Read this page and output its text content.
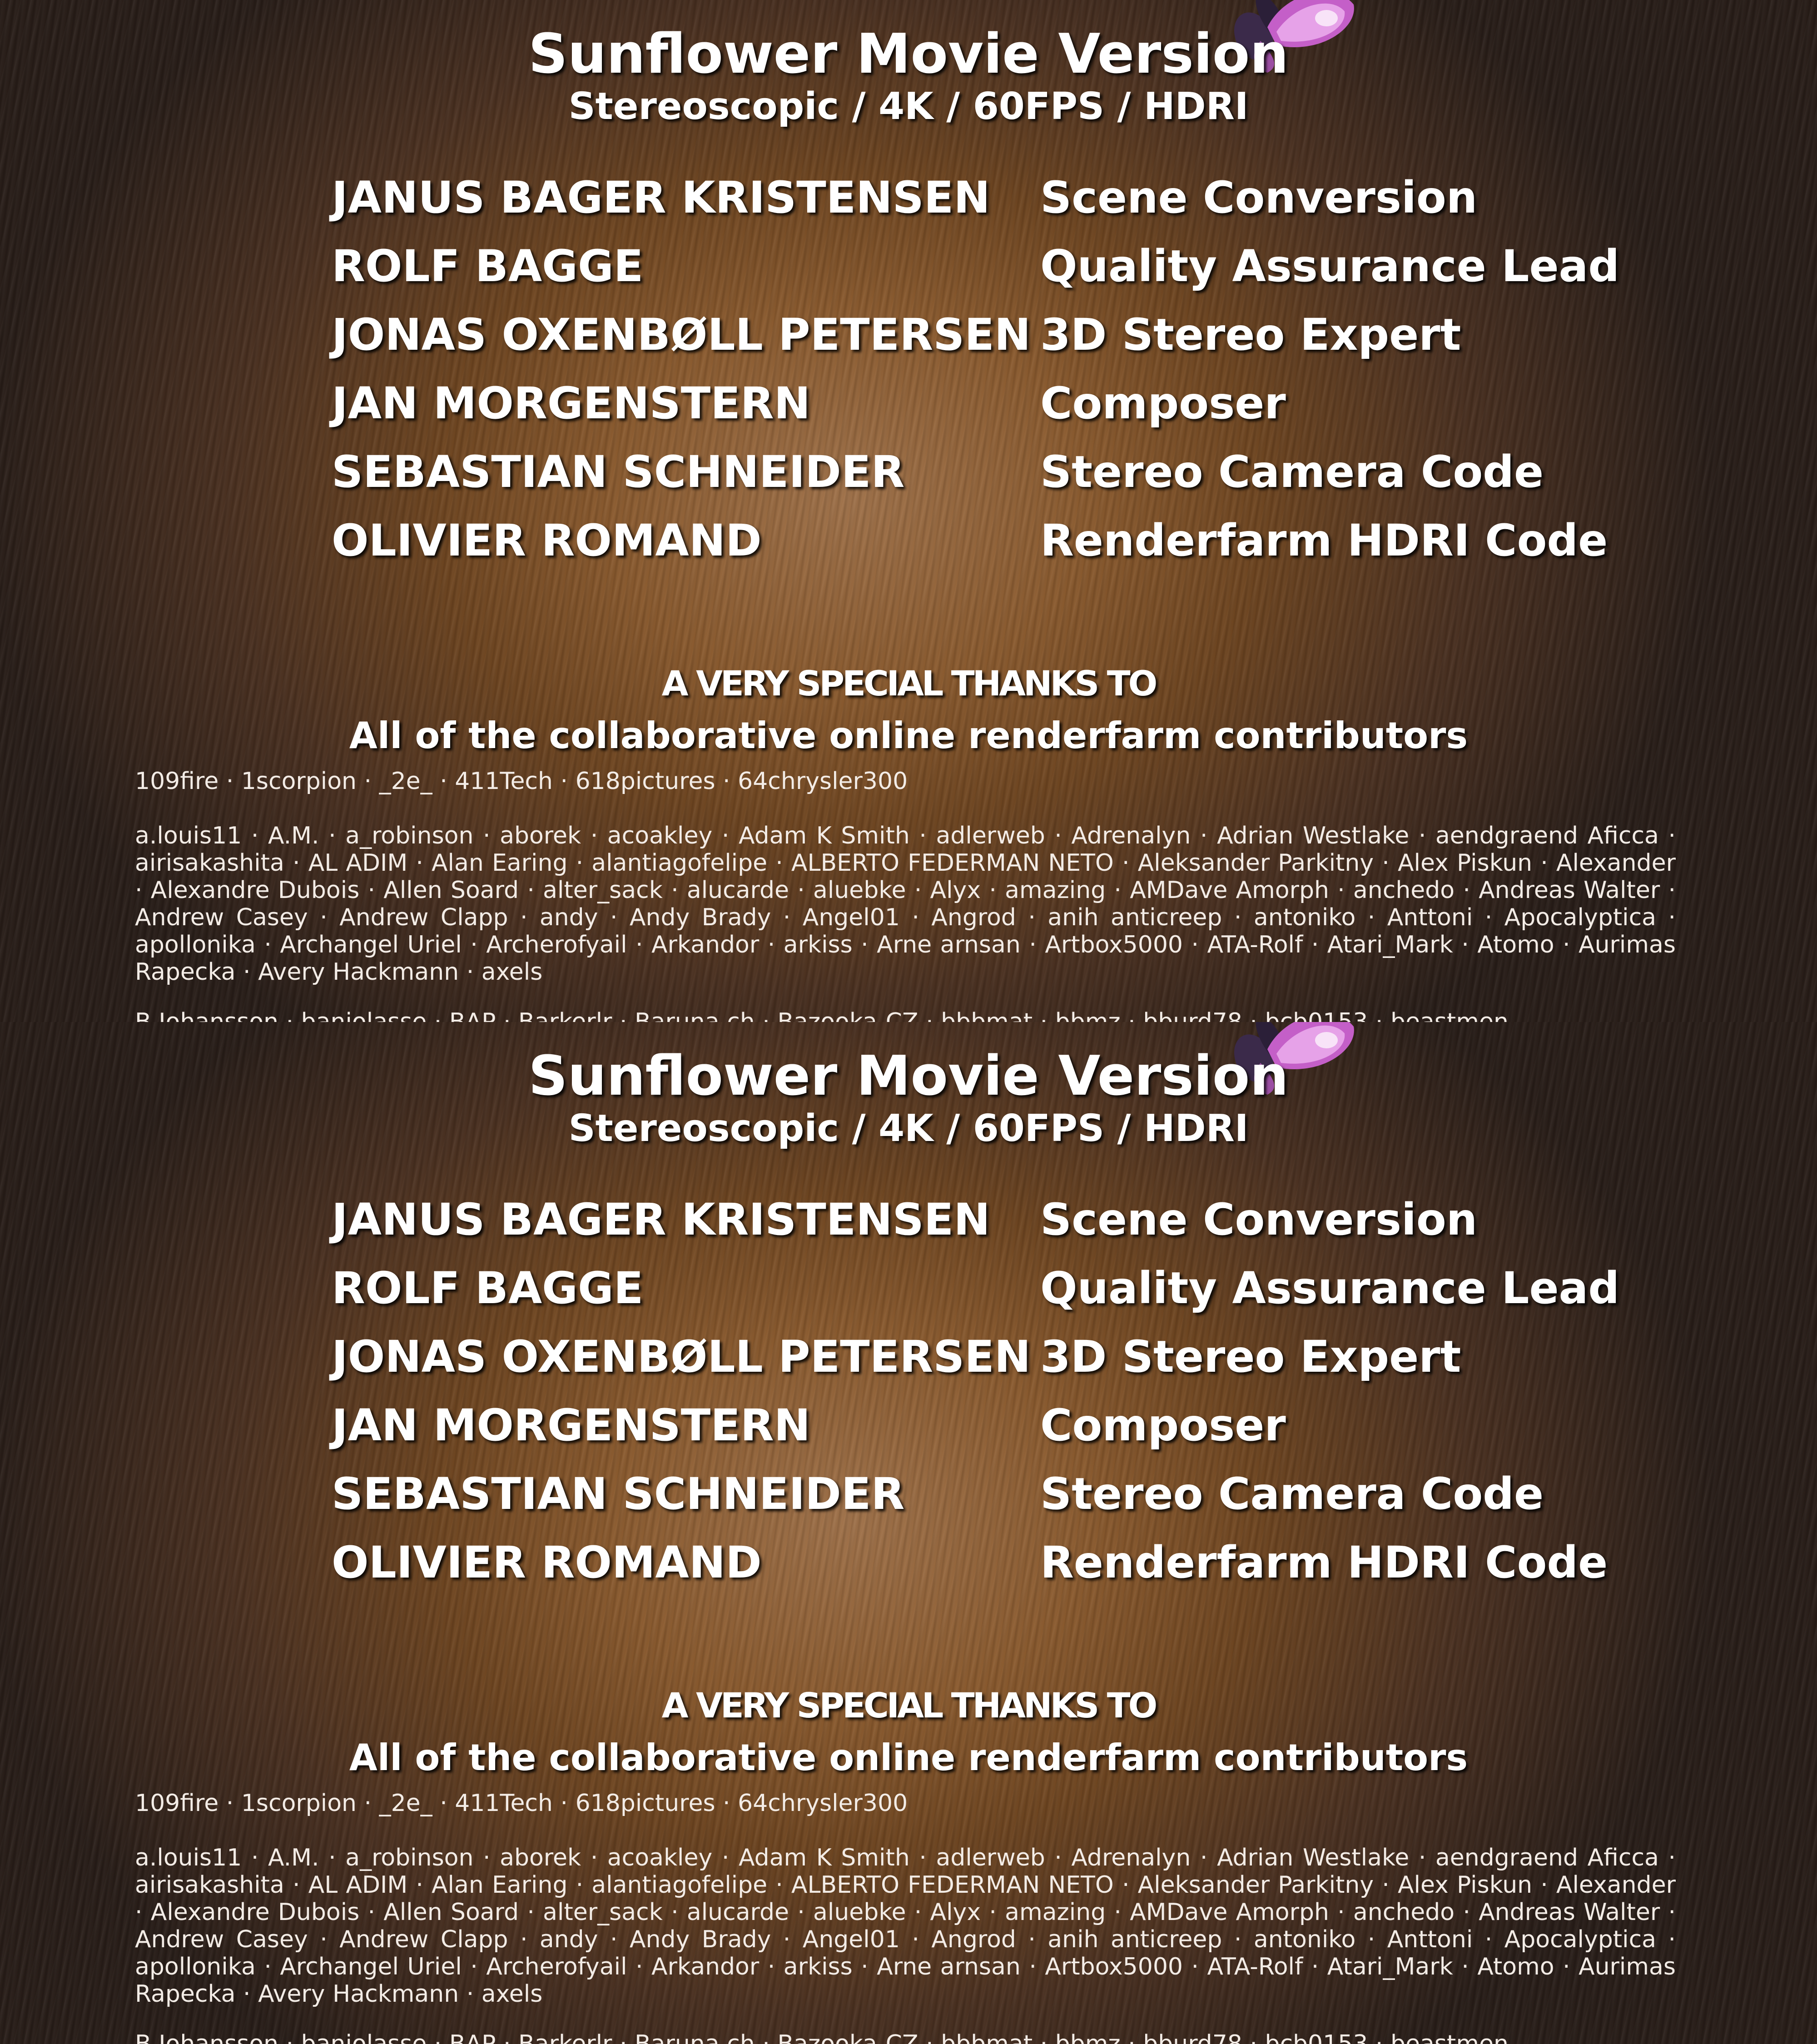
Sunflower Movie Version
Stereoscopic / 4K / 60FPS / HDRI
JANUS BAGER KRISTENSEN Scene Conversion
ROLF BAGGE	Quality Assurance Lead
JONAS OXENBØLL PETERSEN 3D Stereo Expert
JAN MORGENSTERN	Composer
SEBASTIAN SCHNEIDER	Stereo Camera Code
OLIVIER ROMAND	Renderfarm HDRI Code
A VERY SPECIAL THANKS TO
All of the collaborative online renderfarm contributors
109fire · 1scorpion · _2e_ · 411Tech · 618pictures · 64chrysler300
a.louis11 · A.M. · a_robinson · aborek · acoakley · Adam K Smith · adlerweb · Adrenalyn · Adrian Westlake · aendgraend Aficca · airisakashita · AL ADIM · Alan Earing · alantiagofelipe · ALBERTO FEDERMAN NETO · Aleksander Parkitny · Alex Piskun · Alexander · Alexandre Dubois · Allen Soard · alter_sack · alucarde · aluebke · Alyx · amazing · AMDave Amorph · anchedo · Andreas Walter · Andrew Casey · Andrew Clapp · andy · Andy Brady · Angel01 · Angrod · anih anticreep · antoniko · Anttoni · Apocalyptica · apollonika · Archangel Uriel · Archerofyail · Arkandor · arkiss · Arne arnsan · Artbox5000 · ATA-Rolf · Atari_Mark · Atomo · Aurimas Rapecka · Avery Hackmann · axels
B.Johansson · banjolasse · BAP · Barkerlr · Baruna.ch · Bazooka-CZ · bbbmat · bbmz · bburd78 · bcb0153 · beastmen
Sunflower Movie Version
Stereoscopic / 4K / 60FPS / HDRI
JANUS BAGER KRISTENSEN Scene Conversion
ROLF BAGGE	Quality Assurance Lead
JONAS OXENBØLL PETERSEN 3D Stereo Expert
JAN MORGENSTERN	Composer
SEBASTIAN SCHNEIDER	Stereo Camera Code
OLIVIER ROMAND	Renderfarm HDRI Code
A VERY SPECIAL THANKS TO
All of the collaborative online renderfarm contributors
109fire · 1scorpion · _2e_ · 411Tech · 618pictures · 64chrysler300
a.louis11 · A.M. · a_robinson · aborek · acoakley · Adam K Smith · adlerweb · Adrenalyn · Adrian Westlake · aendgraend Aficca · airisakashita · AL ADIM · Alan Earing · alantiagofelipe · ALBERTO FEDERMAN NETO · Aleksander Parkitny · Alex Piskun · Alexander · Alexandre Dubois · Allen Soard · alter_sack · alucarde · aluebke · Alyx · amazing · AMDave Amorph · anchedo · Andreas Walter · Andrew Casey · Andrew Clapp · andy · Andy Brady · Angel01 · Angrod · anih anticreep · antoniko · Anttoni · Apocalyptica · apollonika · Archangel Uriel · Archerofyail · Arkandor · arkiss · Arne arnsan · Artbox5000 · ATA-Rolf · Atari_Mark · Atomo · Aurimas Rapecka · Avery Hackmann · axels
B.Johansson · banjolasse · BAP · Barkerlr · Baruna.ch · Bazooka-CZ · bbbmat · bbmz · bburd78 · bcb0153 · beastmen
